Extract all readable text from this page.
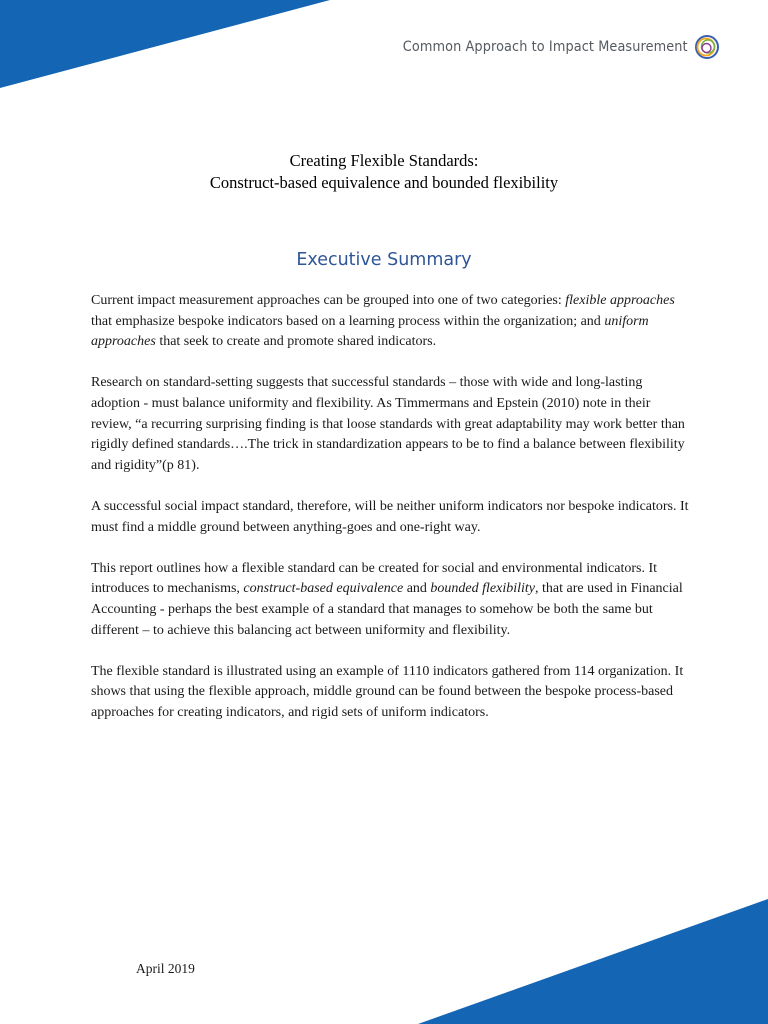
Common Approach to Impact Measurement

Creating Flexible Standards:

Construct-based equivalence and bounded flexibility

Executive Summary

Current impact measurement approaches can be grouped into one of two categories: flexible approaches that emphasize bespoke indicators based on a learning process within the organization; and uniform approaches that seek to create and promote shared indicators.

Research on standard-setting suggests that successful standards – those with wide and long-lasting adoption - must balance uniformity and flexibility. As Timmermans and Epstein (2010) note in their review, “a recurring surprising finding is that loose standards with great adaptability may work better than rigidly defined standards….The trick in standardization appears to be to find a balance between flexibility and rigidity”(p 81).

A successful social impact standard, therefore, will be neither uniform indicators nor bespoke indicators. It must find a middle ground between anything-goes and one-right way.

This report outlines how a flexible standard can be created for social and environmental indicators. It introduces to mechanisms, construct-based equivalence and bounded flexibility, that are used in Financial Accounting - perhaps the best example of a standard that manages to somehow be both the same but different – to achieve this balancing act between uniformity and flexibility.

The flexible standard is illustrated using an example of 1110 indicators gathered from 114 organization. It shows that using the flexible approach, middle ground can be found between the bespoke process-based approaches for creating indicators, and rigid sets of uniform indicators.

April 2019
